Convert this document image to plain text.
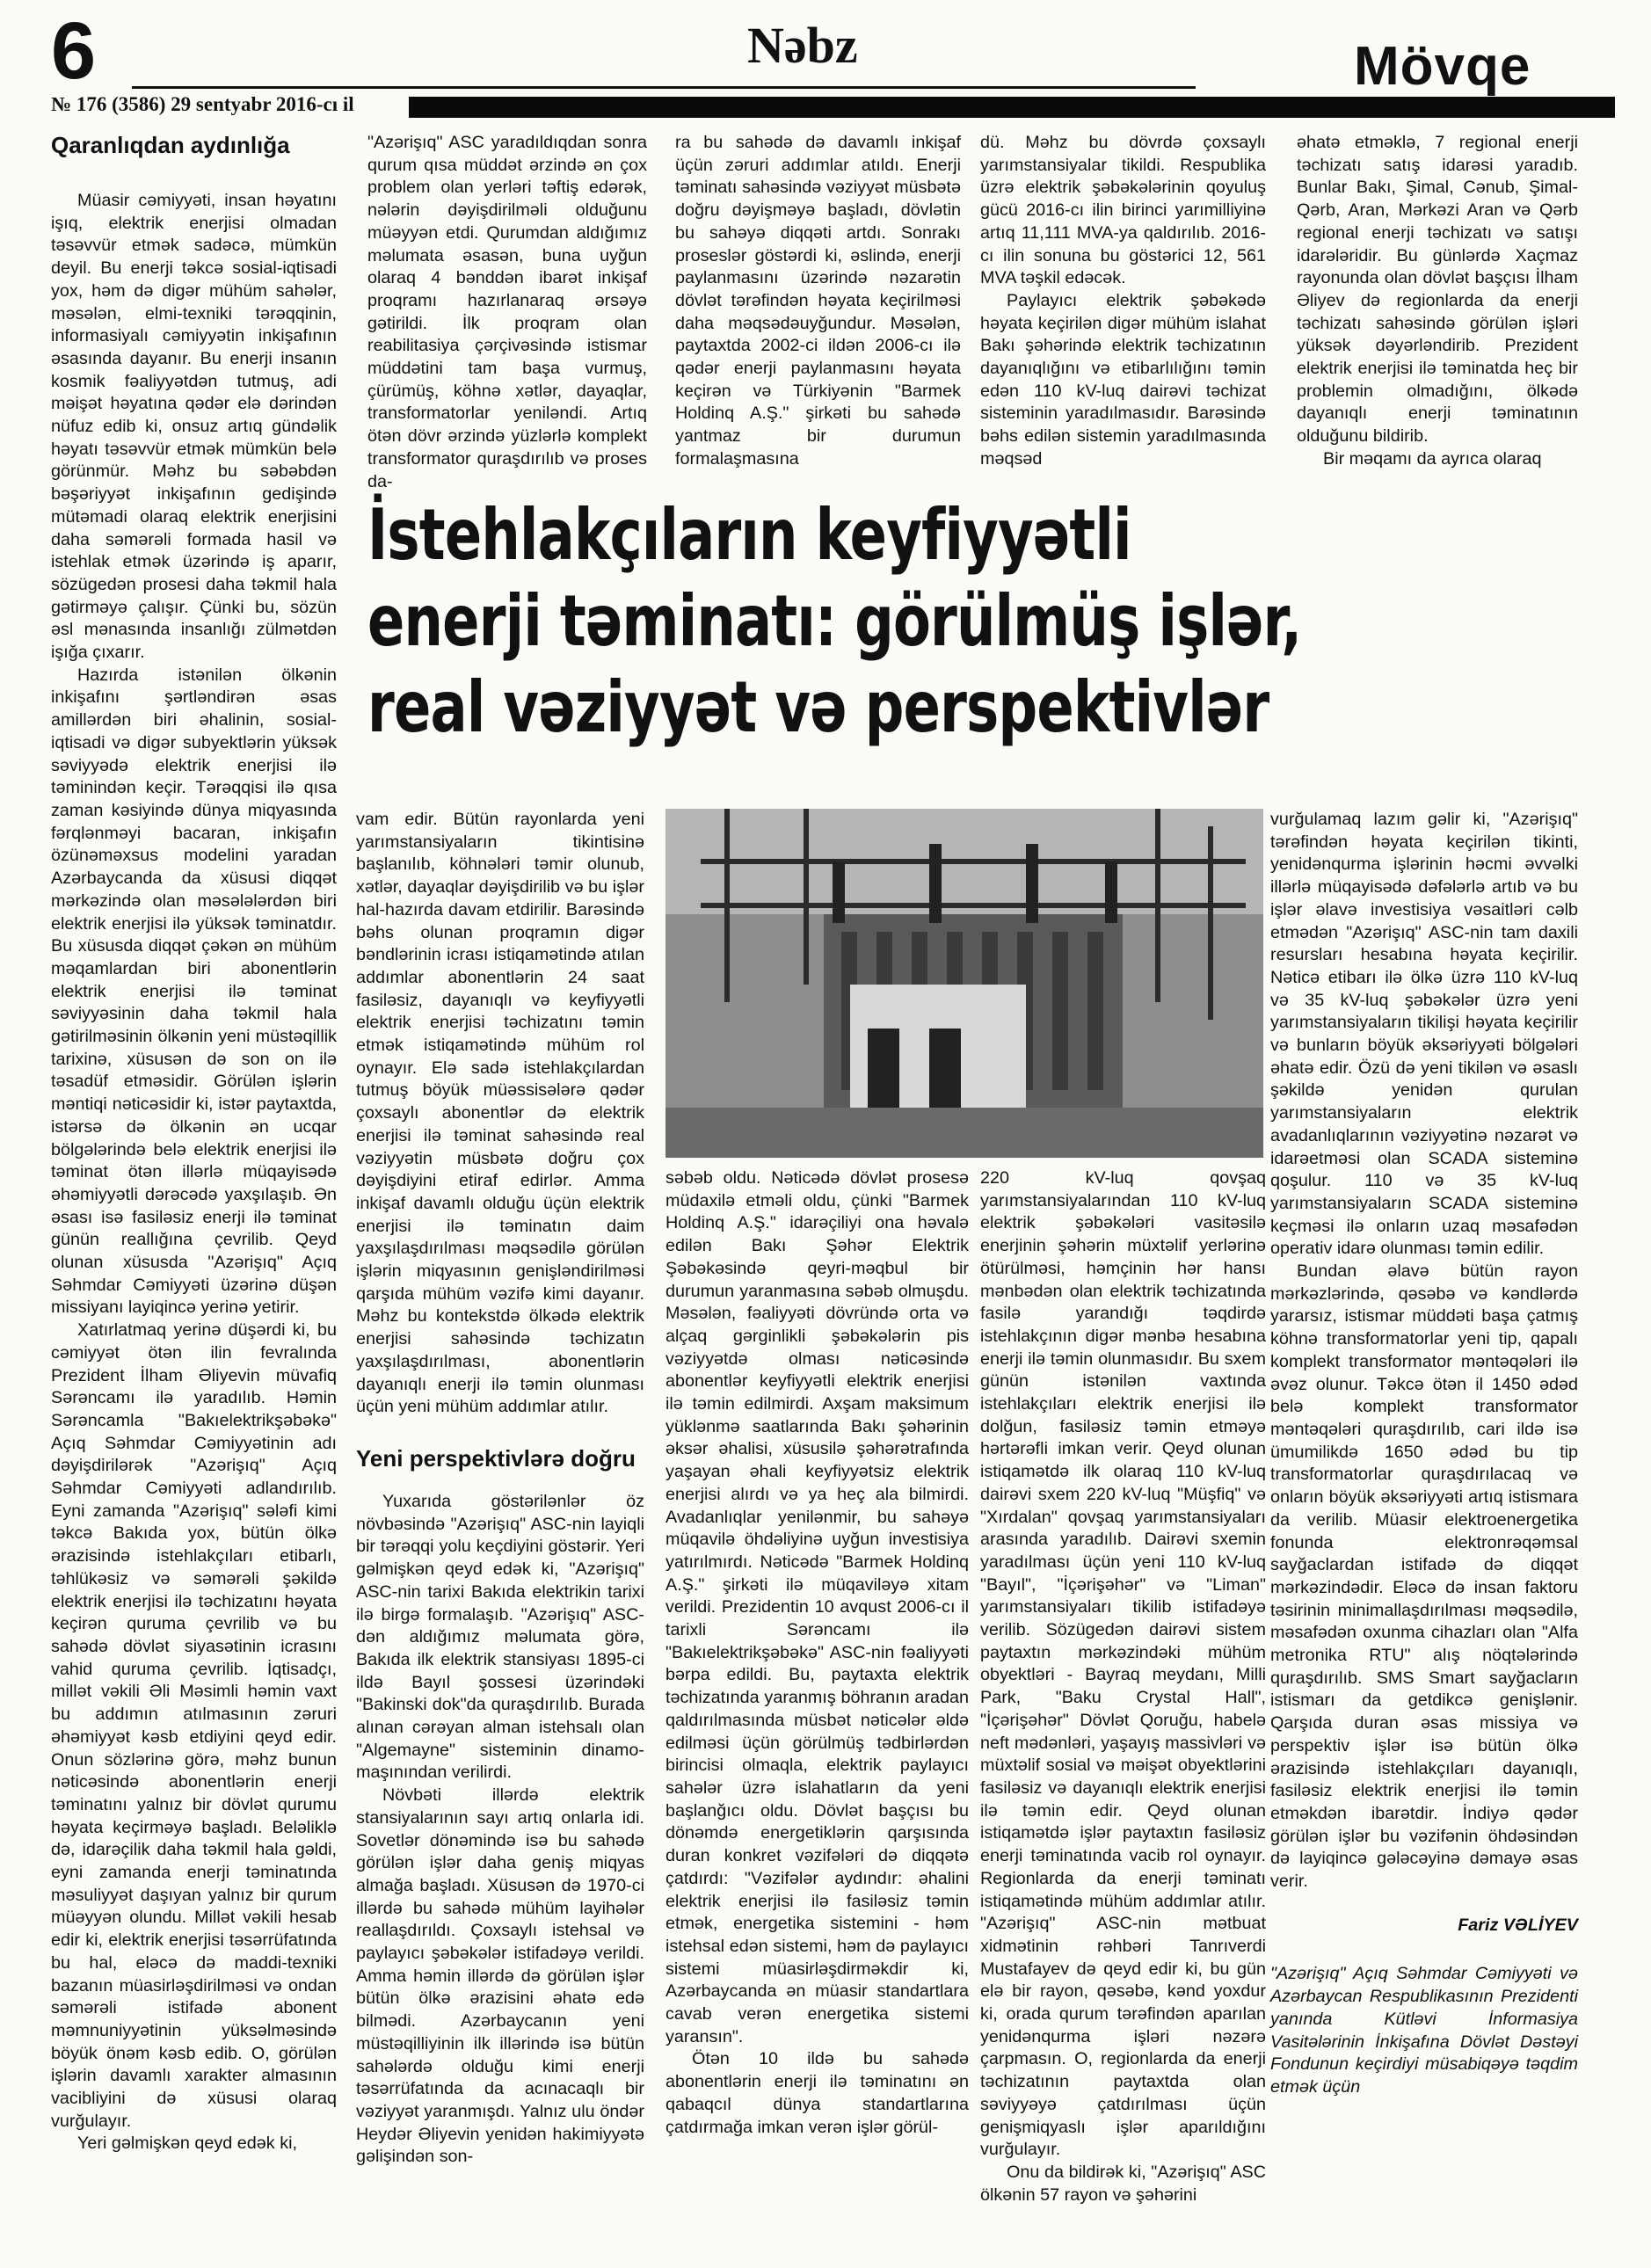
6	Nəbz	Mövqe
№ 176 (3586) 29 sentyabr 2016-cı il
Qaranlıqdan aydınlığa

Müasir cəmiyyəti, insan həyatını işıq, elektrik enerjisi olmadan təsəvvür etmək sadəcə, mümkün deyil. Bu enerji təkcə sosial-iqtisadi yox, həm də digər mühüm sahələr, məsələn, elmi-texniki tərəqqinin, informasiyalı cəmiyyətin inkişafının əsasında dayanır. Bu enerji insanın kosmik fəaliyyətdən tutmuş, adi məişət həyatına qədər elə dərindən nüfuz edib ki, onsuz artıq gündəlik həyatı təsəvvür etmək mümkün belə görünmür. Məhz bu səbəbdən bəşəriyyət inkişafının gedişində mütəmadi olaraq elektrik enerjisini daha səmərəli formada hasil və istehlak etmək üzərində iş aparır, sözügedən prosesi daha təkmil hala gətirməyə çalışır. Çünki bu, sözün əsl mənasında insanlığı zülmətdən işığa çıxarır.

Hazırda istənilən ölkənin inkişafını şərtləndirən əsas amillərdən biri əhalinin, sosial-iqtisadi və digər subyektlərin yüksək səviyyədə elektrik enerjisi ilə təminindən keçir. Tərəqqisi ilə qısa zaman kəsiyində dünya miqyasında fərqlənməyi bacaran, inkişafın özünəməxsus modelini yaradan Azərbaycanda da xüsusi diqqət mərkəzində olan məsələlərdən biri elektrik enerjisi ilə yüksək təminatdır. Bu xüsusda diqqət çəkən ən mühüm məqamlardan biri abonentlərin elektrik enerjisi ilə təminat səviyyəsinin daha təkmil hala gətirilməsinin ölkənin yeni müstəqillik tarixinə, xüsusən də son on ilə təsadüf etməsidir. Görülən işlərin məntiqi nəticəsidir ki, istər paytaxtda, istərsə də ölkənin ən ucqar bölgələrində belə elektrik enerjisi ilə təminat ötən illərlə müqayisədə əhəmiyyətli dərəcədə yaxşılaşıb. Ən əsası isə fasiləsiz enerji ilə təminat günün reallığına çevrilib. Qeyd olunan xüsusda "Azərişıq" Açıq Səhmdar Cəmiyyəti üzərinə düşən missiyanı layiqincə yerinə yetirir.

Xatırlatmaq yerinə düşərdi ki, bu cəmiyyət ötən ilin fevralında Prezident İlham Əliyevin müvafiq Sərəncamı ilə yaradılıb. Həmin Sərəncamla "Bakıelektrikşəbəkə" Açıq Səhmdar Cəmiyyətinin adı dəyişdirilərək "Azərişıq" Açıq Səhmdar Cəmiyyəti adlandırılıb. Eyni zamanda "Azərişıq" sələfi kimi təkcə Bakıda yox, bütün ölkə ərazisində istehlakçıları etibarlı, təhlükəsiz və səmərəli şəkildə elektrik enerjisi ilə təchizatını həyata keçirən quruma çevrilib və bu sahədə dövlət siyasətinin icrasını vahid quruma çevrilib. İqtisadçı, millət vəkili Əli Məsimli həmin vaxt bu addımın atılmasının zəruri əhəmiyyət kəsb etdiyini qeyd edir. Onun sözlərinə görə, məhz bunun nəticəsində abonentlərin enerji təminatını yalnız bir dövlət qurumu həyata keçirməyə başladı. Beləliklə də, idarəçilik daha təkmil hala gəldi, eyni zamanda enerji təminatında məsuliyyət daşıyan yalnız bir qurum müəyyən olundu. Millət vəkili hesab edir ki, elektrik enerjisi təsərrüfatında bu hal, eləcə də maddi-texniki bazanın müasirləşdirilməsi və ondan səmərəli istifadə abonent məmnuniyyətinin yüksəlməsində böyük önəm kəsb edib. O, görülən işlərin davamlı xarakter almasının vacibliyini də xüsusi olaraq vurğulayır.

Yeri gəlmişkən qeyd edək ki,

"Azərişıq" ASC yaradıldıqdan sonra qurum qısa müddət ərzində ən çox problem olan yerləri təftiş edərək, nələrin dəyişdirilməli olduğunu müəyyən etdi. Qurumdan aldığımız məlumata əsasən, buna uyğun olaraq 4 bənddən ibarət inkişaf proqramı hazırlanaraq ərsəyə gətirildi. İlk proqram olan reabilitasiya çərçivəsində istismar müddətini tam başa vurmuş, çürümüş, köhnə xətlər, dayaqlar, transformatorlar yeniləndi. Artıq ötən dövr ərzində yüzlərlə komplekt transformator quraşdırılıb və proses da-

ra bu sahədə də davamlı inkişaf üçün zəruri addımlar atıldı. Enerji təminatı sahəsində vəziyyət müsbətə doğru dəyişməyə başladı, dövlətin bu sahəyə diqqəti artdı. Sonrakı proseslər göstərdi ki, əslində, enerji paylanmasını üzərində nəzarətin dövlət tərəfindən həyata keçirilməsi daha məqsədəuyğundur. Məsələn, paytaxtda 2002-ci ildən 2006-cı ilə qədər enerji paylanmasını həyata keçirən və Türkiyənin "Barmek Holdinq A.Ş." şirkəti bu sahədə yantmaz bir durumun formalaşmasına

dü. Məhz bu dövrdə çoxsaylı yarımstansiyalar tikildi. Respublika üzrə elektrik şəbəkələrinin qoyuluş gücü 2016-cı ilin birinci yarımilliyinə artıq 11,111 MVA-ya qaldırılıb. 2016-cı ilin sonuna bu göstərici 12, 561 MVA təşkil edəcək.

Paylayıcı elektrik şəbəkədə həyata keçirilən digər mühüm islahat Bakı şəhərində elektrik təchizatının dayanıqlığını və etibarlılığını təmin edən 110 kV-luq dairəvi təchizat sisteminin yaradılmasıdır. Barəsində bəhs edilən sistemin yaradılmasında məqsəd

əhatə etməklə, 7 regional enerji təchizatı satış idarəsi yaradıb. Bunlar Bakı, Şimal, Cənub, Şimal-Qərb, Aran, Mərkəzi Aran və Qərb regional enerji təchizatı və satışı idarələridir. Bu günlərdə Xaçmaz rayonunda olan dövlət başçısı İlham Əliyev də regionlarda da enerji təchizatı sahəsində görülən işləri yüksək dəyərləndirib. Prezident elektrik enerjisi ilə təminatda heç bir problemin olmadığını, ölkədə dayanıqlı enerji təminatının olduğunu bildirib.

Bir məqamı da ayrıca olaraq

İstehlakçıların keyfiyyətli
enerji təminatı: görülmüş işlər,
real vəziyyət və perspektivlər

vam edir. Bütün rayonlarda yeni yarımstansiyaların tikintisinə başlanılıb, köhnələri təmir olunub, xətlər, dayaqlar dəyişdirilib və bu işlər hal-hazırda davam etdirilir. Barəsində bəhs olunan proqramın digər bəndlərinin icrası istiqamətində atılan addımlar abonentlərin 24 saat fasiləsiz, dayanıqlı və keyfiyyətli elektrik enerjisi təchizatını təmin etmək istiqamətində mühüm rol oynayır. Elə sadə istehlakçılardan tutmuş böyük müəssisələrə qədər çoxsaylı abonentlər də elektrik enerjisi ilə təminat sahəsində real vəziyyətin müsbətə doğru çox dəyişdiyini etiraf edirlər. Amma inkişaf davamlı olduğu üçün elektrik enerjisi ilə təminatın daim yaxşılaşdırılması məqsədilə görülən işlərin miqyasının genişləndirilməsi qarşıda mühüm vəzifə kimi dayanır. Məhz bu kontekstdə ölkədə elektrik enerjisi sahəsində təchizatın yaxşılaşdırılması, abonentlərin dayanıqlı enerji ilə təmin olunması üçün yeni mühüm addımlar atılır.

Yeni perspektivlərə doğru

Yuxarıda göstərilənlər öz növbəsində "Azərişıq" ASC-nin layiqli bir tərəqqi yolu keçdiyini göstərir. Yeri gəlmişkən qeyd edək ki, "Azərişıq" ASC-nin tarixi Bakıda elektrikin tarixi ilə birgə formalaşıb. "Azərişıq" ASC-dən aldığımız məlumata görə, Bakıda ilk elektrik stansiyası 1895-ci ildə Bayıl şossesi üzərindəki "Bakinski dok"da quraşdırılıb. Burada alınan cərəyan alman istehsalı olan "Algemayne" sisteminin dinamo-maşınından verilirdi.

Növbəti illərdə elektrik stansiyalarının sayı artıq onlarla idi. Sovetlər dönəmində isə bu sahədə görülən işlər daha geniş miqyas almağa başladı. Xüsusən də 1970-ci illərdə bu sahədə mühüm layihələr reallaşdırıldı. Çoxsaylı istehsal və paylayıcı şəbəkələr istifadəyə verildi. Amma həmin illərdə də görülən işlər bütün ölkə ərazisini əhatə edə bilmədi. Azərbaycanın yeni müstəqilliyinin ilk illərində isə bütün sahələrdə olduğu kimi enerji təsərrüfatında da acınacaqlı bir vəziyyət yaranmışdı. Yalnız ulu öndər Heydər Əliyevin yenidən hakimiyyətə gəlişindən son-

səbəb oldu. Nəticədə dövlət prosesə müdaxilə etməli oldu, çünki "Barmek Holdinq A.Ş." idarəçiliyi ona həvalə edilən Bakı Şəhər Elektrik Şəbəkəsində qeyri-məqbul bir durumun yaranmasına səbəb olmuşdu. Məsələn, fəaliyyəti dövründə orta və alçaq gərginlikli şəbəkələrin pis vəziyyətdə olması nəticəsində abonentlər keyfiyyətli elektrik enerjisi ilə təmin edilmirdi. Axşam maksimum yüklənmə saatlarında Bakı şəhərinin əksər əhalisi, xüsusilə şəhərətrafında yaşayan əhali keyfiyyətsiz elektrik enerjisi alırdı və ya heç ala bilmirdi. Avadanlıqlar yenilənmir, bu sahəyə müqavilə öhdəliyinə uyğun investisiya yatırılmırdı. Nəticədə "Barmek Holdinq A.Ş." şirkəti ilə müqaviləyə xitam verildi. Prezidentin 10 avqust 2006-cı il tarixli Sərəncamı ilə "Bakıelektrikşəbəkə" ASC-nin fəaliyyəti bərpa edildi. Bu, paytaxta elektrik təchizatında yaranmış böhranın aradan qaldırılmasında müsbət nəticələr əldə edilməsi üçün görülmüş tədbirlərdən birincisi olmaqla, elektrik paylayıcı sahələr üzrə islahatların da yeni başlanğıcı oldu. Dövlət başçısı bu dönəmdə energetiklərin qarşısında duran konkret vəzifələri də diqqətə çatdırdı: "Vəzifələr aydındır: əhalini elektrik enerjisi ilə fasiləsiz təmin etmək, energetika sistemini - həm istehsal edən sistemi, həm də paylayıcı sistemi müasirləşdirməkdir ki, Azərbaycanda ən müasir standartlara cavab verən energetika sistemi yaransın".

Ötən 10 ildə bu sahədə abonentlərin enerji ilə təminatını ən qabaqcıl dünya standartlarına çatdırmağa imkan verən işlər görül-

220 kV-luq qovşaq yarımstansiyalarından 110 kV-luq elektrik şəbəkələri vasitəsilə enerjinin şəhərin müxtəlif yerlərinə ötürülməsi, həmçinin hər hansı mənbədən olan elektrik təchizatında fasilə yarandığı təqdirdə istehlakçının digər mənbə hesabına enerji ilə təmin olunmasıdır. Bu sxem günün istənilən vaxtında istehlakçıları elektrik enerjisi ilə dolğun, fasiləsiz təmin etməyə hərtərəfli imkan verir. Qeyd olunan istiqamətdə ilk olaraq 110 kV-luq dairəvi sxem 220 kV-luq "Müşfiq" və "Xırdalan" qovşaq yarımstansiyaları arasında yaradılıb. Dairəvi sxemin yaradılması üçün yeni 110 kV-luq "Bayıl", "İçərişəhər" və "Liman" yarımstansiyaları tikilib istifadəyə verilib. Sözügedən dairəvi sistem paytaxtın mərkəzindəki mühüm obyektləri - Bayraq meydanı, Milli Park, "Baku Crystal Hall", "İçərişəhər" Dövlət Qoruğu, habelə neft mədənləri, yaşayış massivləri və müxtəlif sosial və məişət obyektlərini fasiləsiz və dayanıqlı elektrik enerjisi ilə təmin edir. Qeyd olunan istiqamətdə işlər paytaxtın fasiləsiz enerji təminatında vacib rol oynayır. Regionlarda da enerji təminatı istiqamətində mühüm addımlar atılır. "Azərişıq" ASC-nin mətbuat xidmətinin rəhbəri Tanrıverdi Mustafayev də qeyd edir ki, bu gün elə bir rayon, qəsəbə, kənd yoxdur ki, orada qurum tərəfindən aparılan yenidənqurma işləri nəzərə çarpmasın. O, regionlarda da enerji təchizatının paytaxtda olan səviyyəyə çatdırılması üçün genişmiqyaslı işlər aparıldığını vurğulayır.

Onu da bildirək ki, "Azərişıq" ASC ölkənin 57 rayon və şəhərini

vurğulamaq lazım gəlir ki, "Azərişıq" tərəfindən həyata keçirilən tikinti, yenidənqurma işlərinin həcmi əvvəlki illərlə müqayisədə dəfələrlə artıb və bu işlər əlavə investisiya vəsaitləri cəlb etmədən "Azərişıq" ASC-nin tam daxili resursları hesabına həyata keçirilir. Nəticə etibarı ilə ölkə üzrə 110 kV-luq və 35 kV-luq şəbəkələr üzrə yeni yarımstansiyaların tikilişi həyata keçirilir və bunların böyük əksəriyyəti bölgələri əhatə edir. Özü də yeni tikilən və əsaslı şəkildə yenidən qurulan yarımstansiyaların elektrik avadanlıqlarının vəziyyətinə nəzarət və idarəetməsi olan SCADA sisteminə qoşulur. 110 və 35 kV-luq yarımstansiyaların SCADA sisteminə keçməsi ilə onların uzaq məsafədən operativ idarə olunması təmin edilir.

Bundan əlavə bütün rayon mərkəzlərində, qəsəbə və kəndlərdə yararsız, istismar müddəti başa çatmış köhnə transformatorlar yeni tip, qapalı komplekt transformator məntəqələri ilə əvəz olunur. Təkcə ötən il 1450 ədəd belə komplekt transformator məntəqələri quraşdırılıb, cari ildə isə ümumilikdə 1650 ədəd bu tip transformatorlar quraşdırılacaq və onların böyük əksəriyyəti artıq istismara da verilib. Müasir elektroenergetika fonunda elektronrəqəmsal sayğaclardan istifadə də diqqət mərkəzindədir. Eləcə də insan faktoru təsirinin minimallaşdırılması məqsədilə, məsafədən oxunma cihazları olan "Alfa metronika RTU" alış nöqtələrində quraşdırılıb. SMS Smart sayğacların istismarı da getdikcə genişlənir. Qarşıda duran əsas missiya və perspektiv işlər isə bütün ölkə ərazisində istehlakçıları dayanıqlı, fasiləsiz elektrik enerjisi ilə təmin etməkdən ibarətdir. İndiyə qədər görülən işlər bu vəzifənin öhdəsindən də layiqincə gələcəyinə dəmayə əsas verir.

Fariz VƏLİYEV

"Azərişıq" Açıq Səhmdar Cəmiyyəti və Azərbaycan Respublikasının Prezidenti yanında Kütləvi İnformasiya Vasitələrinin İnkişafına Dövlət Dəstəyi Fondunun keçirdiyi müsabiqəyə təqdim etmək üçün
